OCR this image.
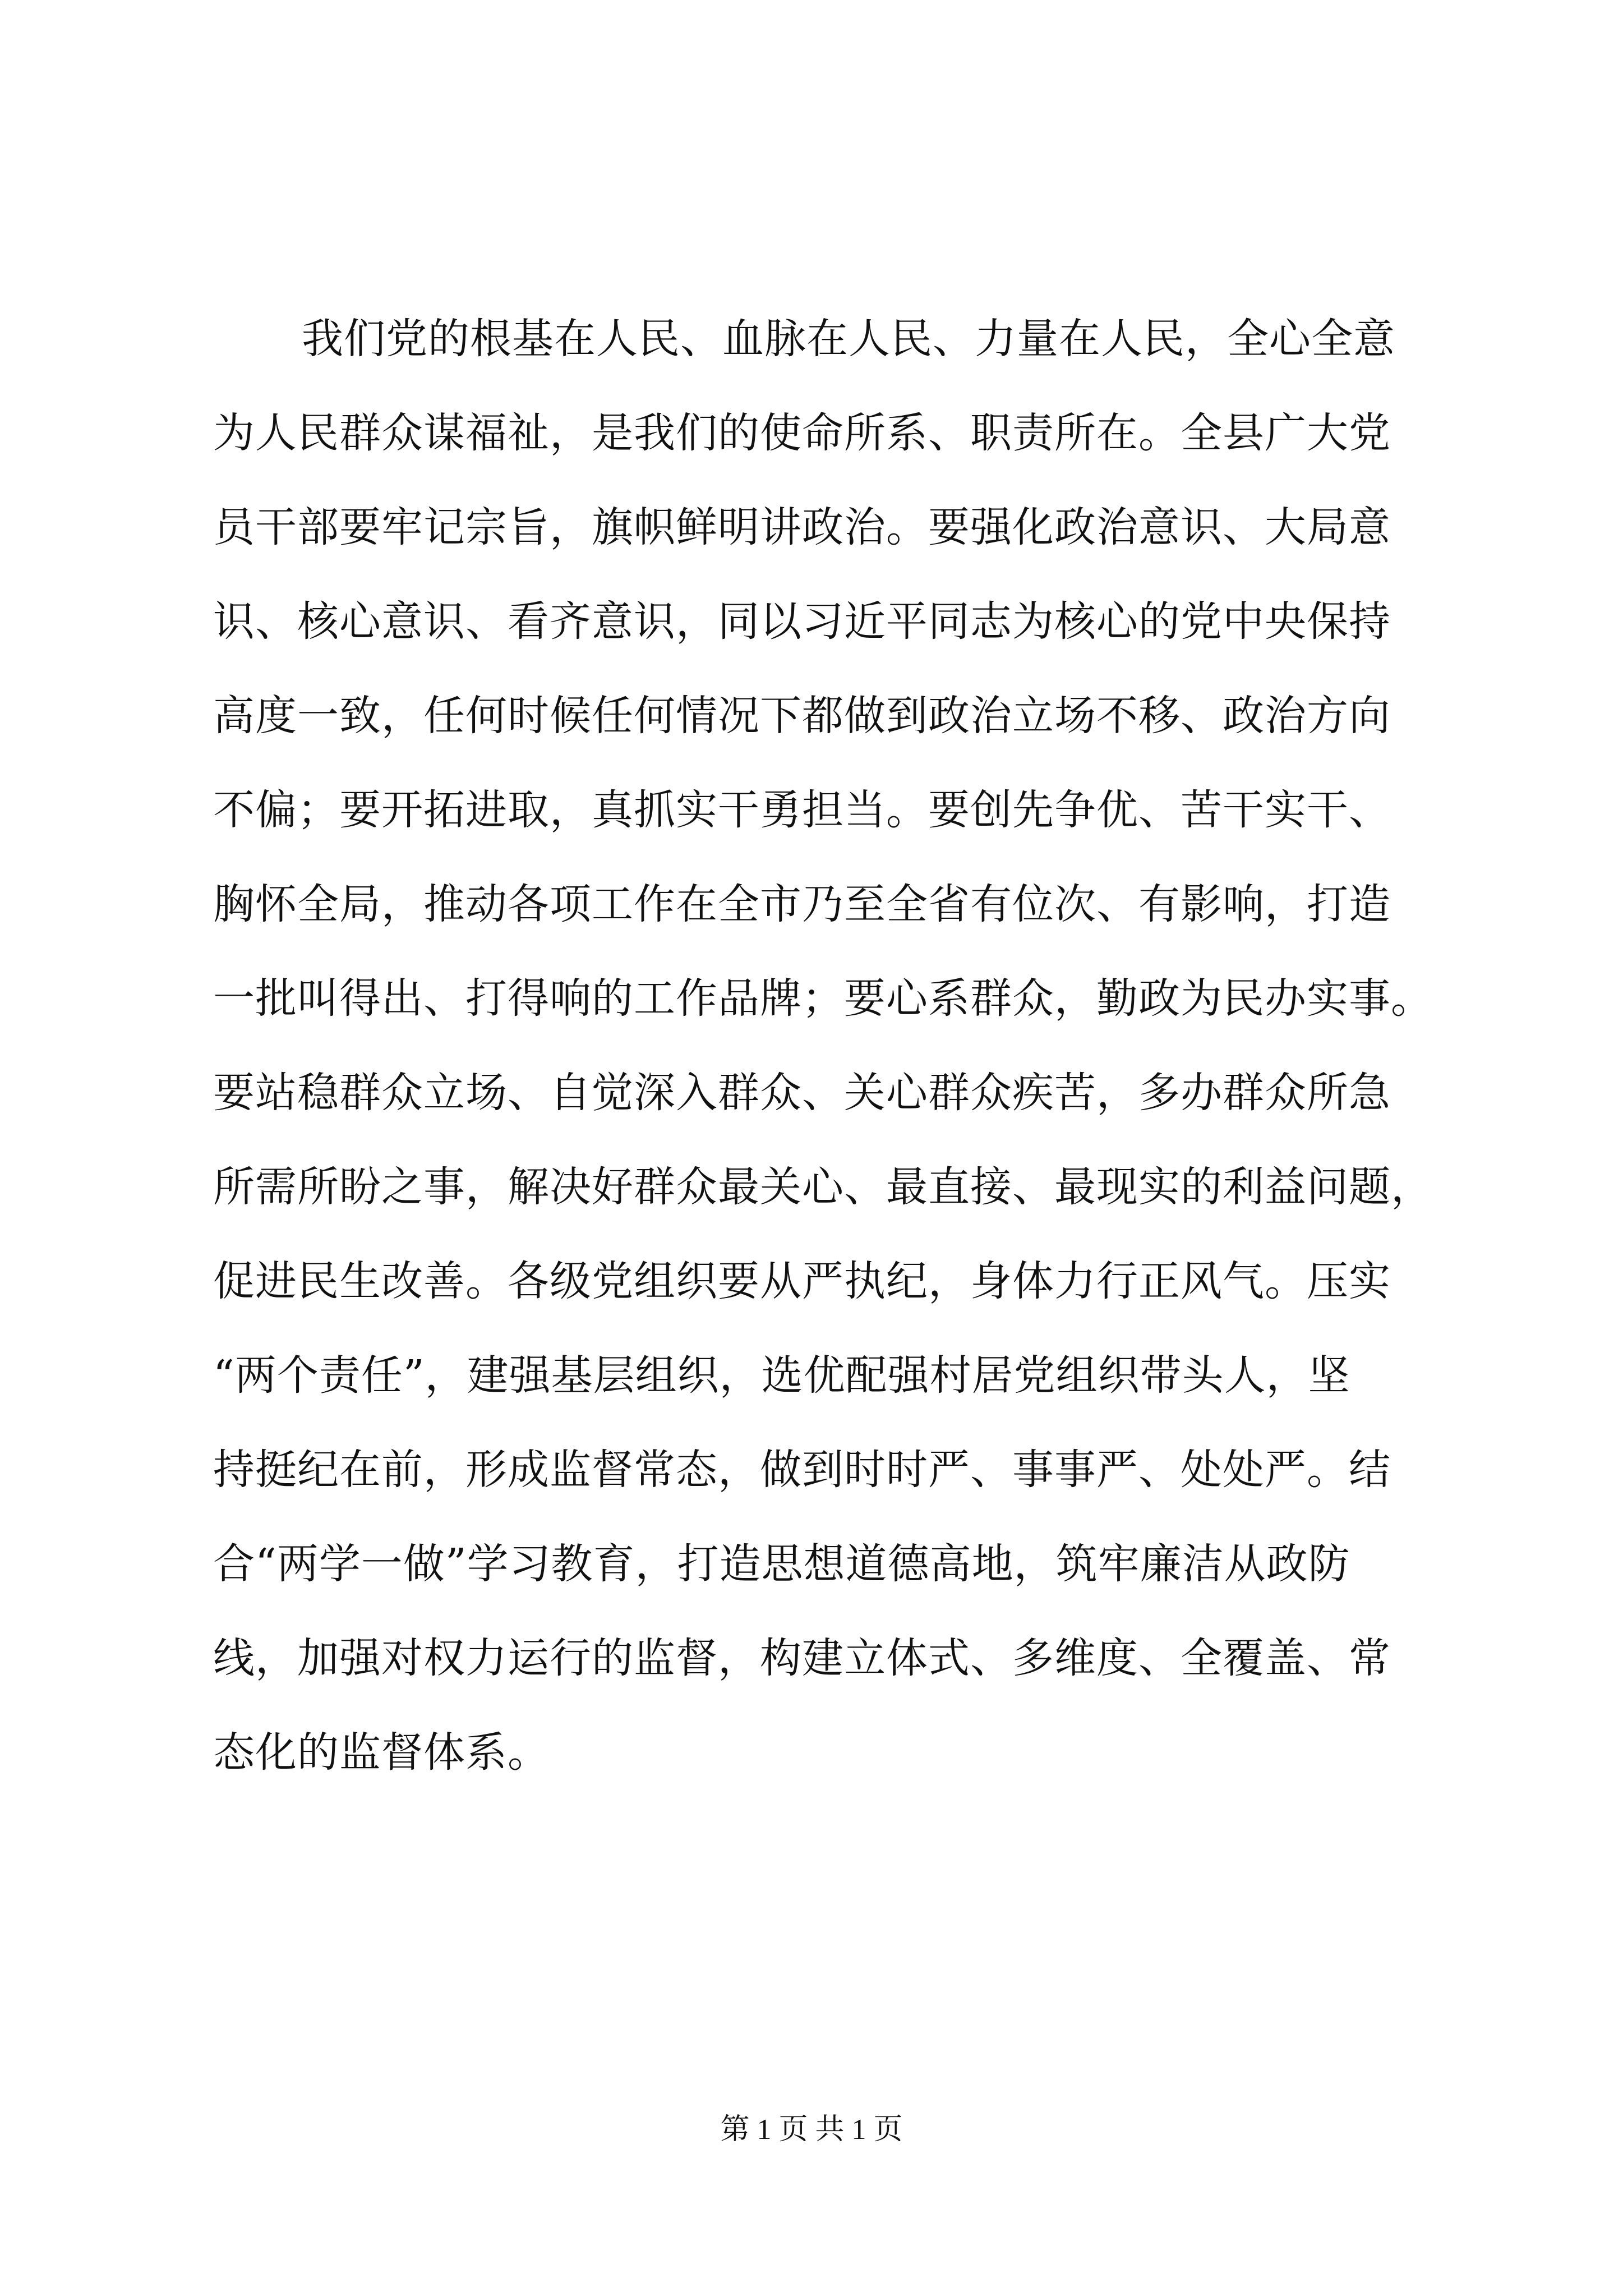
我们党的根基在人民、血脉在人民、力量在人民，全心全意
为人民群众谋福祉，是我们的使命所系、职责所在。全县广大党
员干部要牢记宗旨，旗帜鲜明讲政治。要强化政治意识、大局意
识、核心意识、看齐意识，同以习近平同志为核心的党中央保持
高度一致，任何时候任何情况下都做到政治立场不移、政治方向
不偏；要开拓进取，真抓实干勇担当。要创先争优、苦干实干、
胸怀全局，推动各项工作在全市乃至全省有位次、有影响，打造
一批叫得出、打得响的工作品牌；要心系群众，勤政为民办实事。
要站稳群众立场、自觉深入群众、关心群众疾苦，多办群众所急
所需所盼之事，解决好群众最关心、最直接、最现实的利益问题，
促进民生改善。各级党组织要从严执纪，身体力行正风气。压实
“两个责任”，建强基层组织，选优配强村居党组织带头人，坚
持挺纪在前，形成监督常态，做到时时严、事事严、处处严。结
合“两学一做”学习教育，打造思想道德高地，筑牢廉洁从政防
线，加强对权力运行的监督，构建立体式、多维度、全覆盖、常
态化的监督体系。
第 1 页 共 1 页
